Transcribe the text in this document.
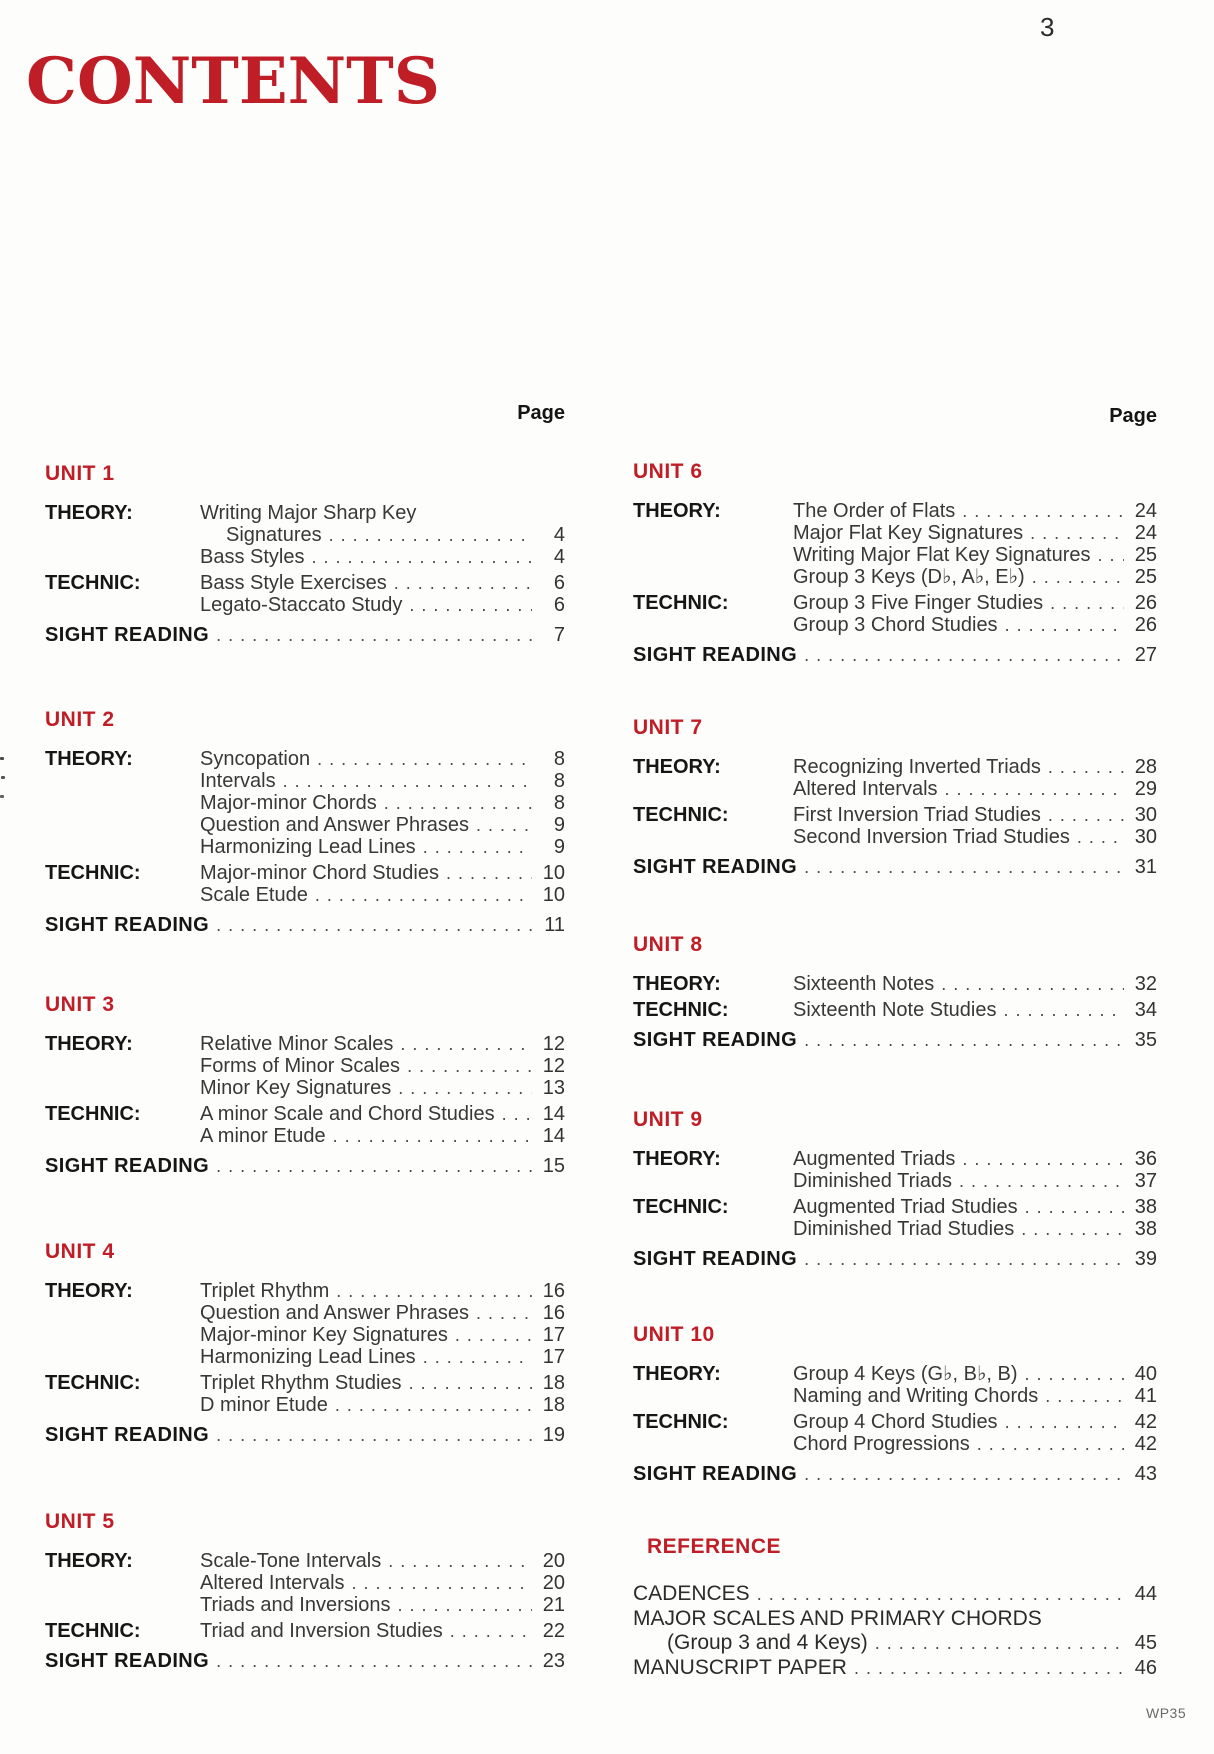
3
CONTENTS
Page
UNIT 1
THEORY:	Writing Major Sharp Key
Signatures .....	4
Bass Styles .....	4
TECHNIC:	Bass Style Exercises .....	6
Legato-Staccato Study .....	6
SIGHT READING .....	7
UNIT 2
THEORY:	Syncopation .....	8
Intervals .....	8
Major-minor Chords .....	8
Question and Answer Phrases .....	9
Harmonizing Lead Lines .....	9
TECHNIC:	Major-minor Chord Studies .....	10
Scale Etude .....	10
SIGHT READING .....	11
UNIT 3
THEORY:	Relative Minor Scales .....	12
Forms of Minor Scales .....	12
Minor Key Signatures .....	13
TECHNIC:	A minor Scale and Chord Studies ..... 14
A minor Etude .....	14
SIGHT READING .....	15
UNIT 4
THEORY:	Triplet Rhythm .....	16
Question and Answer Phrases .....	16
Major-minor Key Signatures .....	17
Harmonizing Lead Lines .....	17
TECHNIC:	Triplet Rhythm Studies .....	18
D minor Etude .....	18
SIGHT READING .....	19
UNIT 5
THEORY:	Scale-Tone Intervals .....	20
Altered Intervals .....	20
Triads and Inversions .....	21
TECHNIC:	Triad and Inversion Studies .....	22
SIGHT READING .....	23
Page
UNIT 6
THEORY:	The Order of Flats .....	24
Major Flat Key Signatures .....	24
Writing Major Flat Key Signatures ..... 25
Group 3 Keys (D♭, A♭, E♭) .....	25
TECHNIC:	Group 3 Five Finger Studies .....	26
Group 3 Chord Studies .....	26
SIGHT READING .....	27
UNIT 7
THEORY:	Recognizing Inverted Triads .....	28
Altered Intervals .....	29
TECHNIC:	First Inversion Triad Studies .....	30
Second Inversion Triad Studies .....	30
SIGHT READING .....	31
UNIT 8
THEORY:	Sixteenth Notes .....	32
TECHNIC:	Sixteenth Note Studies .....	34
SIGHT READING .....	35
UNIT 9
THEORY:	Augmented Triads .....	36
Diminished Triads .....	37
TECHNIC:	Augmented Triad Studies .....	38
Diminished Triad Studies .....	38
SIGHT READING .....	39
UNIT 10
THEORY:	Group 4 Keys (G♭, B♭, B) .....	40
Naming and Writing Chords .....	41
TECHNIC:	Group 4 Chord Studies .....	42
Chord Progressions .....	42
SIGHT READING .....	43
REFERENCE
CADENCES .....	44
MAJOR SCALES AND PRIMARY CHORDS
(Group 3 and 4 Keys) .....	45
MANUSCRIPT PAPER .....	46
WP35
